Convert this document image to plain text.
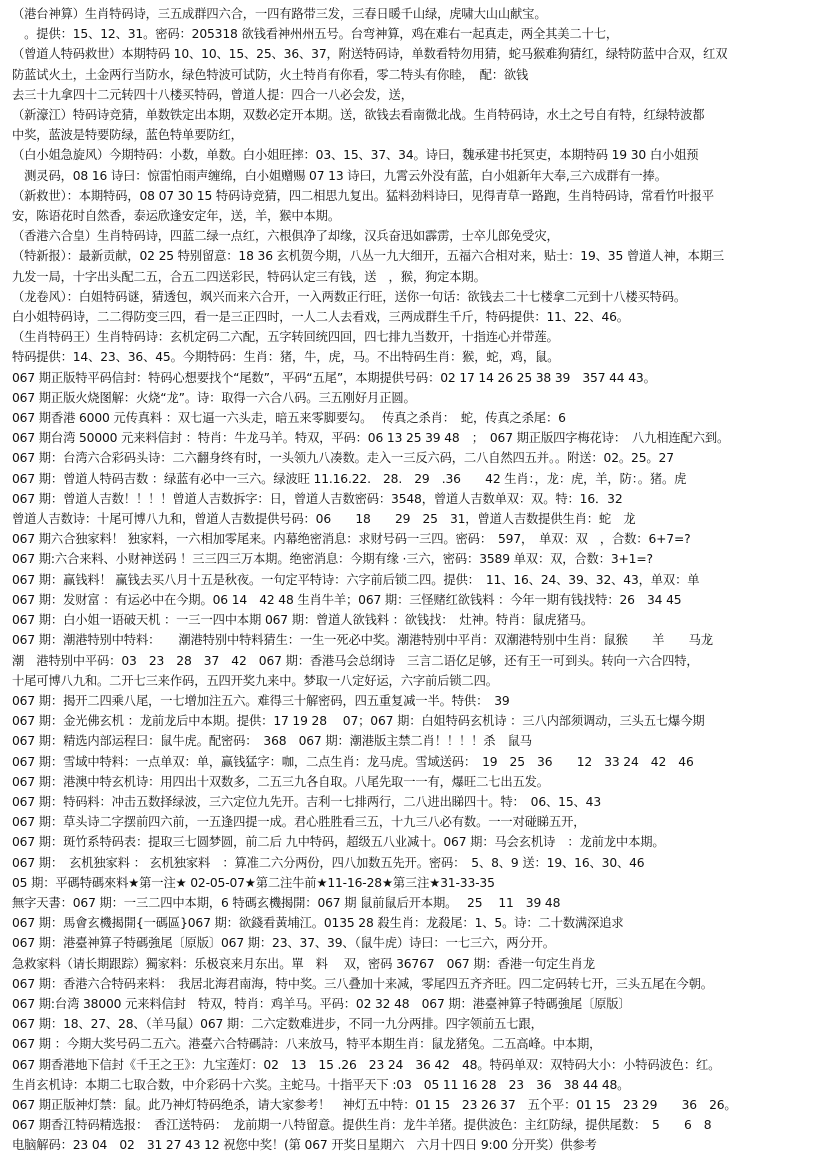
（港台神算）生肖特码诗，三五成群四六合，一四有路带三发，三春日暖千山绿，虎啸大山山献宝。
　。提供：15、12、31。密码：205318 欲钱看神州州五号。台弯神算，鸡在难右一起真走，两全其美二十七，
（曾道人特码救世）本期特码 10、10、15、25、36、37，附送特码诗，单数看特勿用猜，蛇马猴难狗猜红，绿特防蓝中合双，红双
防蓝试火土，土金两行当防水，绿色特波可试防，火土特肖有你看，零二特头有你睦，　配：欲钱
去三十九拿四十二元转四十八楼买特码，曾道人提：四合一八必会发，送，
（新濠江）特码诗竞猜，单数铁定出本期，双数必定开本期。送，欲钱去看南微北战。生肖特码诗，水土之号自有特，红绿特波都
中奖，蓝波是特要防绿，蓝色特单要防红，
（白小姐急旋风）今期特码：小数，单数。白小姐旺摔：03、15、37、34。诗曰，魏承建书托冥吏，本期特码 19 30 白小姐预
　测灵码，08 16 诗曰：惊雷怕雨声缠绵，白小姐赠赐 07 13 诗曰，九霄云外没有蓝，白小姐新年大奉,三六成群有一捧。
（新救世）：本期特码，08 07 30 15 特码诗竞猜，四二相思九复出。猛料劲料诗曰，见得青草一路跑，生肖特码诗，常看竹叶报平
安，陈语花时自然香，泰运欣逢安定年，送，羊，猴中本期。
（香港六合皇）生肖特码诗，四蓝二绿一点红，六根俱净了却缘，汉兵奋迅如霹雳，士卒儿郎免受灾，
（特新报）：最新贡献，02 25 特别留意：18 36 玄机贺今期，八丛一九大细开，五福六合相对来，贴士：19、35 曾道人神，本期三
九发一局，十字出头配二五，合五二四送彩民，特码认定三有钱，送　，猴，狗定本期。
（龙卷风）：白姐特码谜，猜透包，飒兴而来六合开，一入两数正行旺，送你一句话：欲钱去二十七楼拿二元到十八楼买特码。
白小姐特码诗，二二得防变三四，看一是三正四时，一人二人去看戏，三两成群生千斤，特码提供：11、22、46。
（生肖特码王）生肖特码诗：玄机定码二六配，五字转回统四回，四七排九当数开，十指连心并带莲。
特码提供：14、23、36、45。今期特码：生肖：猪，牛，虎，马。不出特码生肖：猴，蛇，鸡，鼠。
067 期正版特平码信封：特码心想要找个“尾数”，平码“五尾”，本期提供号码：02 17 14 26 25 38 39　357 44 43。
067 期正版火烧图解：火烧“龙”。诗：取得一六合八码。三五刚好月正圆。
067 期香港 6000 元传真料 ：双七逼一六头走，暗五来零脚要勾。　 传真之杀肖：　蛇，传真之杀尾：6
067 期台湾 50000 元来料信封 ：特肖：牛龙马羊。特双，平码：06 13 25 39 48　；　067 期正版四字梅花诗：　八九相连配六到。
067 期：台湾六合彩码头诗：二六翻身终有时，一头领九八凑数。走入一三反六码，二八自然四五并。。附送：02。25。27
067 期：曾道人特码吉数 ：绿蓝有必中一三六。绿波旺 11.16.22.　28.　29　.36　　42 生肖：，龙：虎，羊，防：。猪。虎
067 期：曾道人吉数！！！！曾道人吉数拆字：日，曾道人吉数密码：3548，曾道人吉数单双：双。特：16．32
曾道人吉数诗：十尾可博八九和，曾道人吉数提供号码：06　　18　　29　25　31，曾道人吉数提供生肖：蛇　龙
067 期六合独家料！ 独家料，一六相加零尾来。内幕绝密消息：求财号码一三四。密码：　597，　单双：双　，合数：6+7=?
067 期:六合来料、小财神送码 ！三三四三万本期。绝密消息：今期有缘 ·三六，密码：3589 单双：双，合数：3+1=?
067 期：赢钱料！ 赢钱去买八月十五是秋夜。一句定平特诗：六字前后锁二四。提供：　11、16、24、39、32、43，单双：单
067 期：发财富 ：有运必中在今期。06 14　42 48 生肖牛羊；067 期：三怪赌红欲钱料 ：今年一期有钱找特：26　34 45
067 期：白小姐一语破天机 ：一三一四中本期 067 期：曾道人欲钱料 ：欲钱找：　灶神。特肖：鼠虎猪马。
067 期：潮港特别中特料：　　潮港特别中特料猜生：一生一死必中奖。潮港特别中平肖：双潮港特别中生肖：鼠猴　　羊　　马龙
潮　港特别中平码：03　23　28　37　42　067 期：香港马会总纲诗　三言二语亿足够，还有王一可到头。转向一六合四特，
十尾可博八九和。二开七三来作码，五四开奖九来中。梦取一八定好运，六字前后锁二四。
067 期：揭开二四乘八尾，一七增加注五六。难得三十解密码，四五重复减一半。特供：　39
067 期：金光佛玄机 ：龙前龙后中本期。提供：17 19 28　 07；067 期：白姐特码玄机诗 ：三八内部须调动，三头五七爆今期
067 期：精选内部运程曰：鼠牛虎。配密码：　368　067 期：潮港版主禁二肖！！！！杀　鼠马
067 期：雪域中特料：一点单双：单，赢钱猛字：咖，二点生肖：龙马虎。雪域送码：　19　25　36　　12　33 24　42　46
067 期：港澳中特玄机诗：用四出十双数多，二五三九各自取。八尾先取一一有，爆旺二七出五发。
067 期：特码料：冲击五数择绿波，三六定位九先开。吉利一七排两行，二八进出睇四十。特：　06、15、43
067 期：草头诗二字摆前四六前，一五逢四提一成。君心胜胜看三五，十九三八必有数。一一对碰睇五开，
067 期：斑竹系特码表：提取三七圆梦圆，前二后 九中特码，超级五八业减十。067 期：马会玄机诗　：龙前龙中本期。
067 期：　玄机独家料 ： 玄机独家料　：算准二六分两份，四八加数五先开。密码：　5、8、9 送：19、16、30、46
05 期：平碼特碼來料★第一注★ 02-05-07★第二注牛前★11-16-28★第三注★31-33-35
無字天書：067 期：一三二四中本期，6 特碼玄機揭開：067 期 鼠前鼠后开本期。　 25　 11　39 48
067 期：馬會玄機揭開{一碼區}067 期：欲錢看黃埔江。0135 28 殺生肖：龙殺尾：1、5。诗：二十数满深追求
067 期：港臺神算子特碼強尾〔原版〕067 期：23、37、39、（鼠牛虎）诗曰：一七三六，两分开。
急救家料（请长期跟踪）獨家料：乐极哀来月东出。單　料　 双，密码 36767　067 期：香港一句定生肖龙
067 期：香港六合特码来料：　我居北海君南海，特中奖。三八叠加十来减，零尾四五齐齐旺。四二定码转七开，三头五尾在今朝。
067 期:台湾 38000 元来料信封　特双，特肖：鸡羊马。平码：02 32 48　067 期：港臺神算子特碼強尾〔原版〕
067 期：18、27、28、（羊马鼠）067 期：二六定数难进步，不同一九分两排。四字领前五七跟，
067 期 ：今期大奖号码二五六。港臺六合特碼詩：八来放马，特平本期生肖：鼠龙猪兔。二五高峰。中本期，
067 期香港地下信封《千王之王》：九宝莲灯：02　13　15 .26　23 24　36 42　48。特码单双：双特码大小：小特码波色：红。
生肖玄机诗：本期二七取合数，中介彩码十六奖。主蛇马。十指平天下 :03　05 11 16 28　23　36　38 44 48。
067 期正版神灯禁：鼠。此乃神灯特码绝杀，请大家参考！　神灯五中特：01 15　23 26 37　五个平：01 15　23 29　　36　26。
067 期香江特码精选报：　香江送特码：　龙前期一八特留意。提供生肖：龙牛羊猪。提供波色：主红防绿，提供尾数：　5　　6　8
电脑解码：23 04　02　31 27 43 12 祝您中奖！(第 067 开奖日星期六　六月十四日 9:00 分开奖）供参考
